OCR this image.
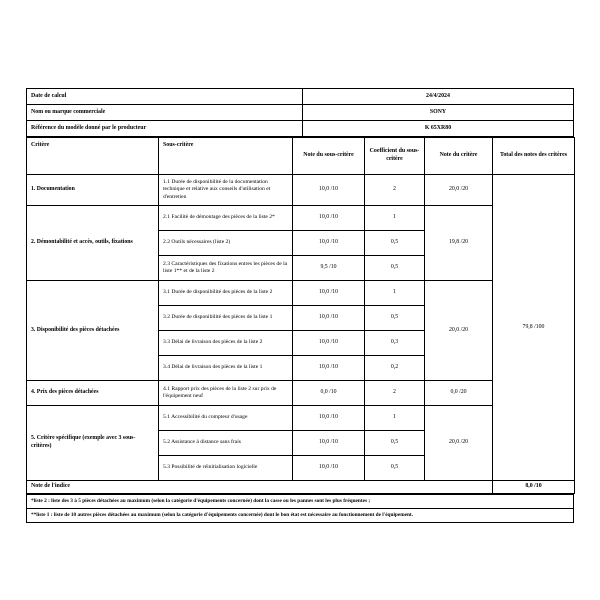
Date de calcul	24/4/2024
Nom ou marque commerciale	SONY
Référence du modèle donné par le producteur	K 65XR80
Critère	Sous-critère	Note du sous-critère	Coefficient du sous- critère	Note du critère	Total des notes des critères
1. Documentation	1.1 Durée de disponibilité de la documentation technique et relative aux conseils d'utilisation et d'entretien	10,0 /10	2	20,0 /20	79,8 /100
2. Démontabilité et accès, outils, fixations	2.1 Facilité de démontage des pièces de la liste 2*	10,0 /10	1	19,8 /20	
	2.2 Outils nécessaires (liste 2)	10,0 /10	0,5		
	2.3 Caractéristiques des fixations entres les pièces de la liste 1** et de la liste 2	9,5 /10	0,5		
3. Disponibilité des pièces détachées	3.1 Durée de disponibilité des pièces de la liste 2	10,0 /10	1	20,0 /20	
	3.2 Durée de disponibilité des pièces de la liste 1	10,0 /10	0,5		
	3.3 Délai de livraison des pièces de la liste 2	10,0 /10	0,3		
	3.4 Délai de livraison des pièces de la liste 1	10,0 /10	0,2		
4. Prix des pièces détachées	4.1 Rapport prix des pièces de la liste 2 sur prix de l'équipement neuf	0,0 /10	2	0,0 /20	
5. Critère spécifique (exemple avec 3 sous-critères)	5.1 Accessibilité du compteur d'usage	10,0 /10	1	20,0 /20	
	5.2 Assistance à distance sans frais	10,0 /10	0,5		
	5.3 Possibilité de réinitialisation logicielle	10,0 /10	0,5		
Note de l'indice					8,0 /10
*liste 2 : liste des 3 à 5 pièces détachées au maximum (selon la catégorie d'équipements concernée) dont la casse ou les pannes sont les plus fréquentes ;
**liste 1 : liste de 10 autres pièces détachées au maximum (selon la catégorie d'équipements concernée) dont le bon état est nécessaire au fonctionnement de l'équipement.
